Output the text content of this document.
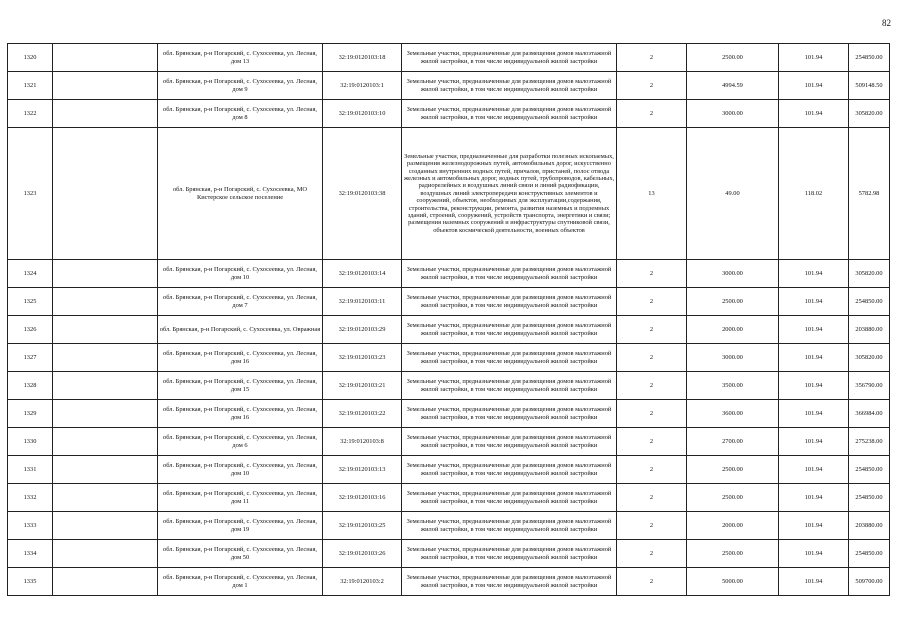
82
1320		обл. Брянская, р-н Погарский, с. Сухосеевка, ул. Лесная, дом 13	32:19:0120103:18	Земельные участки, предназначенные для размещения домов малоэтажной жилой застройки, в том числе индивидуальной жилой застройки	2	2500.00	101.94	254850.00
1321		обл. Брянская, р-н Погарский, с. Сухосеевка, ул. Лесная, дом 9	32:19:0120103:1	Земельные участки, предназначенные для размещения домов малоэтажной жилой застройки, в том числе индивидуальной жилой застройки	2	4994.59	101.94	509148.50
1322		обл. Брянская, р-н Погарский, с. Сухосеевка, ул. Лесная, дом 8	32:19:0120103:10	Земельные участки, предназначенные для размещения домов малоэтажной жилой застройки, в том числе индивидуальной жилой застройки	2	3000.00	101.94	305820.00
1323		обл. Брянская, р-н Погарский, с. Сухосеевка, МО Кистерское сельское поселение	32:19:0120103:38	Земельные участки, предназначенные для разработки полезных ископаемых, размещения железнодорожных путей, автомобильных дорог, искусственно созданных внутренних водных путей, причалов, пристаней, полос отвода железных и автомобильных дорог, водных путей, трубопроводов, кабельных, радиорелейных и воздушных линий связи и линий радиофикации, воздушных линий электропередачи конструктивных элементов и сооружений, объектов, необходимых для эксплуатации,содержания, строительства, реконструкции, ремонта, развития наземных и подземных зданий, строений, сооружений, устройств транспорта, энергетики и связи; размещения наземных сооружений и инфраструктуры спутниковой связи, объектов космической деятельности, военных объектов	13	49.00	118.02	5782.98
1324		обл. Брянская, р-н Погарский, с. Сухосеевка, ул. Лесная, дом 10	32:19:0120103:14	Земельные участки, предназначенные для размещения домов малоэтажной жилой застройки, в том числе индивидуальной жилой застройки	2	3000.00	101.94	305820.00
1325		обл. Брянская, р-н Погарский, с. Сухосеевка, ул. Лесная, дом 7	32:19:0120103:11	Земельные участки, предназначенные для размещения домов малоэтажной жилой застройки, в том числе индивидуальной жилой застройки	2	2500.00	101.94	254850.00
1326		обл. Брянская, р-н Погарский, с. Сухосеевка, ул. Овражная	32:19:0120103:29	Земельные участки, предназначенные для размещения домов малоэтажной жилой застройки, в том числе индивидуальной жилой застройки	2	2000.00	101.94	203880.00
1327		обл. Брянская, р-н Погарский, с. Сухосеевка, ул. Лесная, дом 16	32:19:0120103:23	Земельные участки, предназначенные для размещения домов малоэтажной жилой застройки, в том числе индивидуальной жилой застройки	2	3000.00	101.94	305820.00
1328		обл. Брянская, р-н Погарский, с. Сухосеевка, ул. Лесная, дом 15	32:19:0120103:21	Земельные участки, предназначенные для размещения домов малоэтажной жилой застройки, в том числе индивидуальной жилой застройки	2	3500.00	101.94	356790.00
1329		обл. Брянская, р-н Погарский, с. Сухосеевка, ул. Лесная, дом 16	32:19:0120103:22	Земельные участки, предназначенные для размещения домов малоэтажной жилой застройки, в том числе индивидуальной жилой застройки	2	3600.00	101.94	366984.00
1330		обл. Брянская, р-н Погарский, с. Сухосеевка, ул. Лесная, дом 6	32:19:0120103:8	Земельные участки, предназначенные для размещения домов малоэтажной жилой застройки, в том числе индивидуальной жилой застройки	2	2700.00	101.94	275238.00
1331		обл. Брянская, р-н Погарский, с. Сухосеевка, ул. Лесная, дом 10	32:19:0120103:13	Земельные участки, предназначенные для размещения домов малоэтажной жилой застройки, в том числе индивидуальной жилой застройки	2	2500.00	101.94	254850.00
1332		обл. Брянская, р-н Погарский, с. Сухосеевка, ул. Лесная, дом 11	32:19:0120103:16	Земельные участки, предназначенные для размещения домов малоэтажной жилой застройки, в том числе индивидуальной жилой застройки	2	2500.00	101.94	254850.00
1333		обл. Брянская, р-н Погарский, с. Сухосеевка, ул. Лесная, дом 19	32:19:0120103:25	Земельные участки, предназначенные для размещения домов малоэтажной жилой застройки, в том числе индивидуальной жилой застройки	2	2000.00	101.94	203880.00
1334		обл. Брянская, р-н Погарский, с. Сухосеевка, ул. Лесная, дом 50	32:19:0120103:26	Земельные участки, предназначенные для размещения домов малоэтажной жилой застройки, в том числе индивидуальной жилой застройки	2	2500.00	101.94	254850.00
1335		обл. Брянская, р-н Погарский, с. Сухосеевка, ул. Лесная, дом 1	32:19:0120103:2	Земельные участки, предназначенные для размещения домов малоэтажной жилой застройки, в том числе индивидуальной жилой застройки	2	5000.00	101.94	509700.00
